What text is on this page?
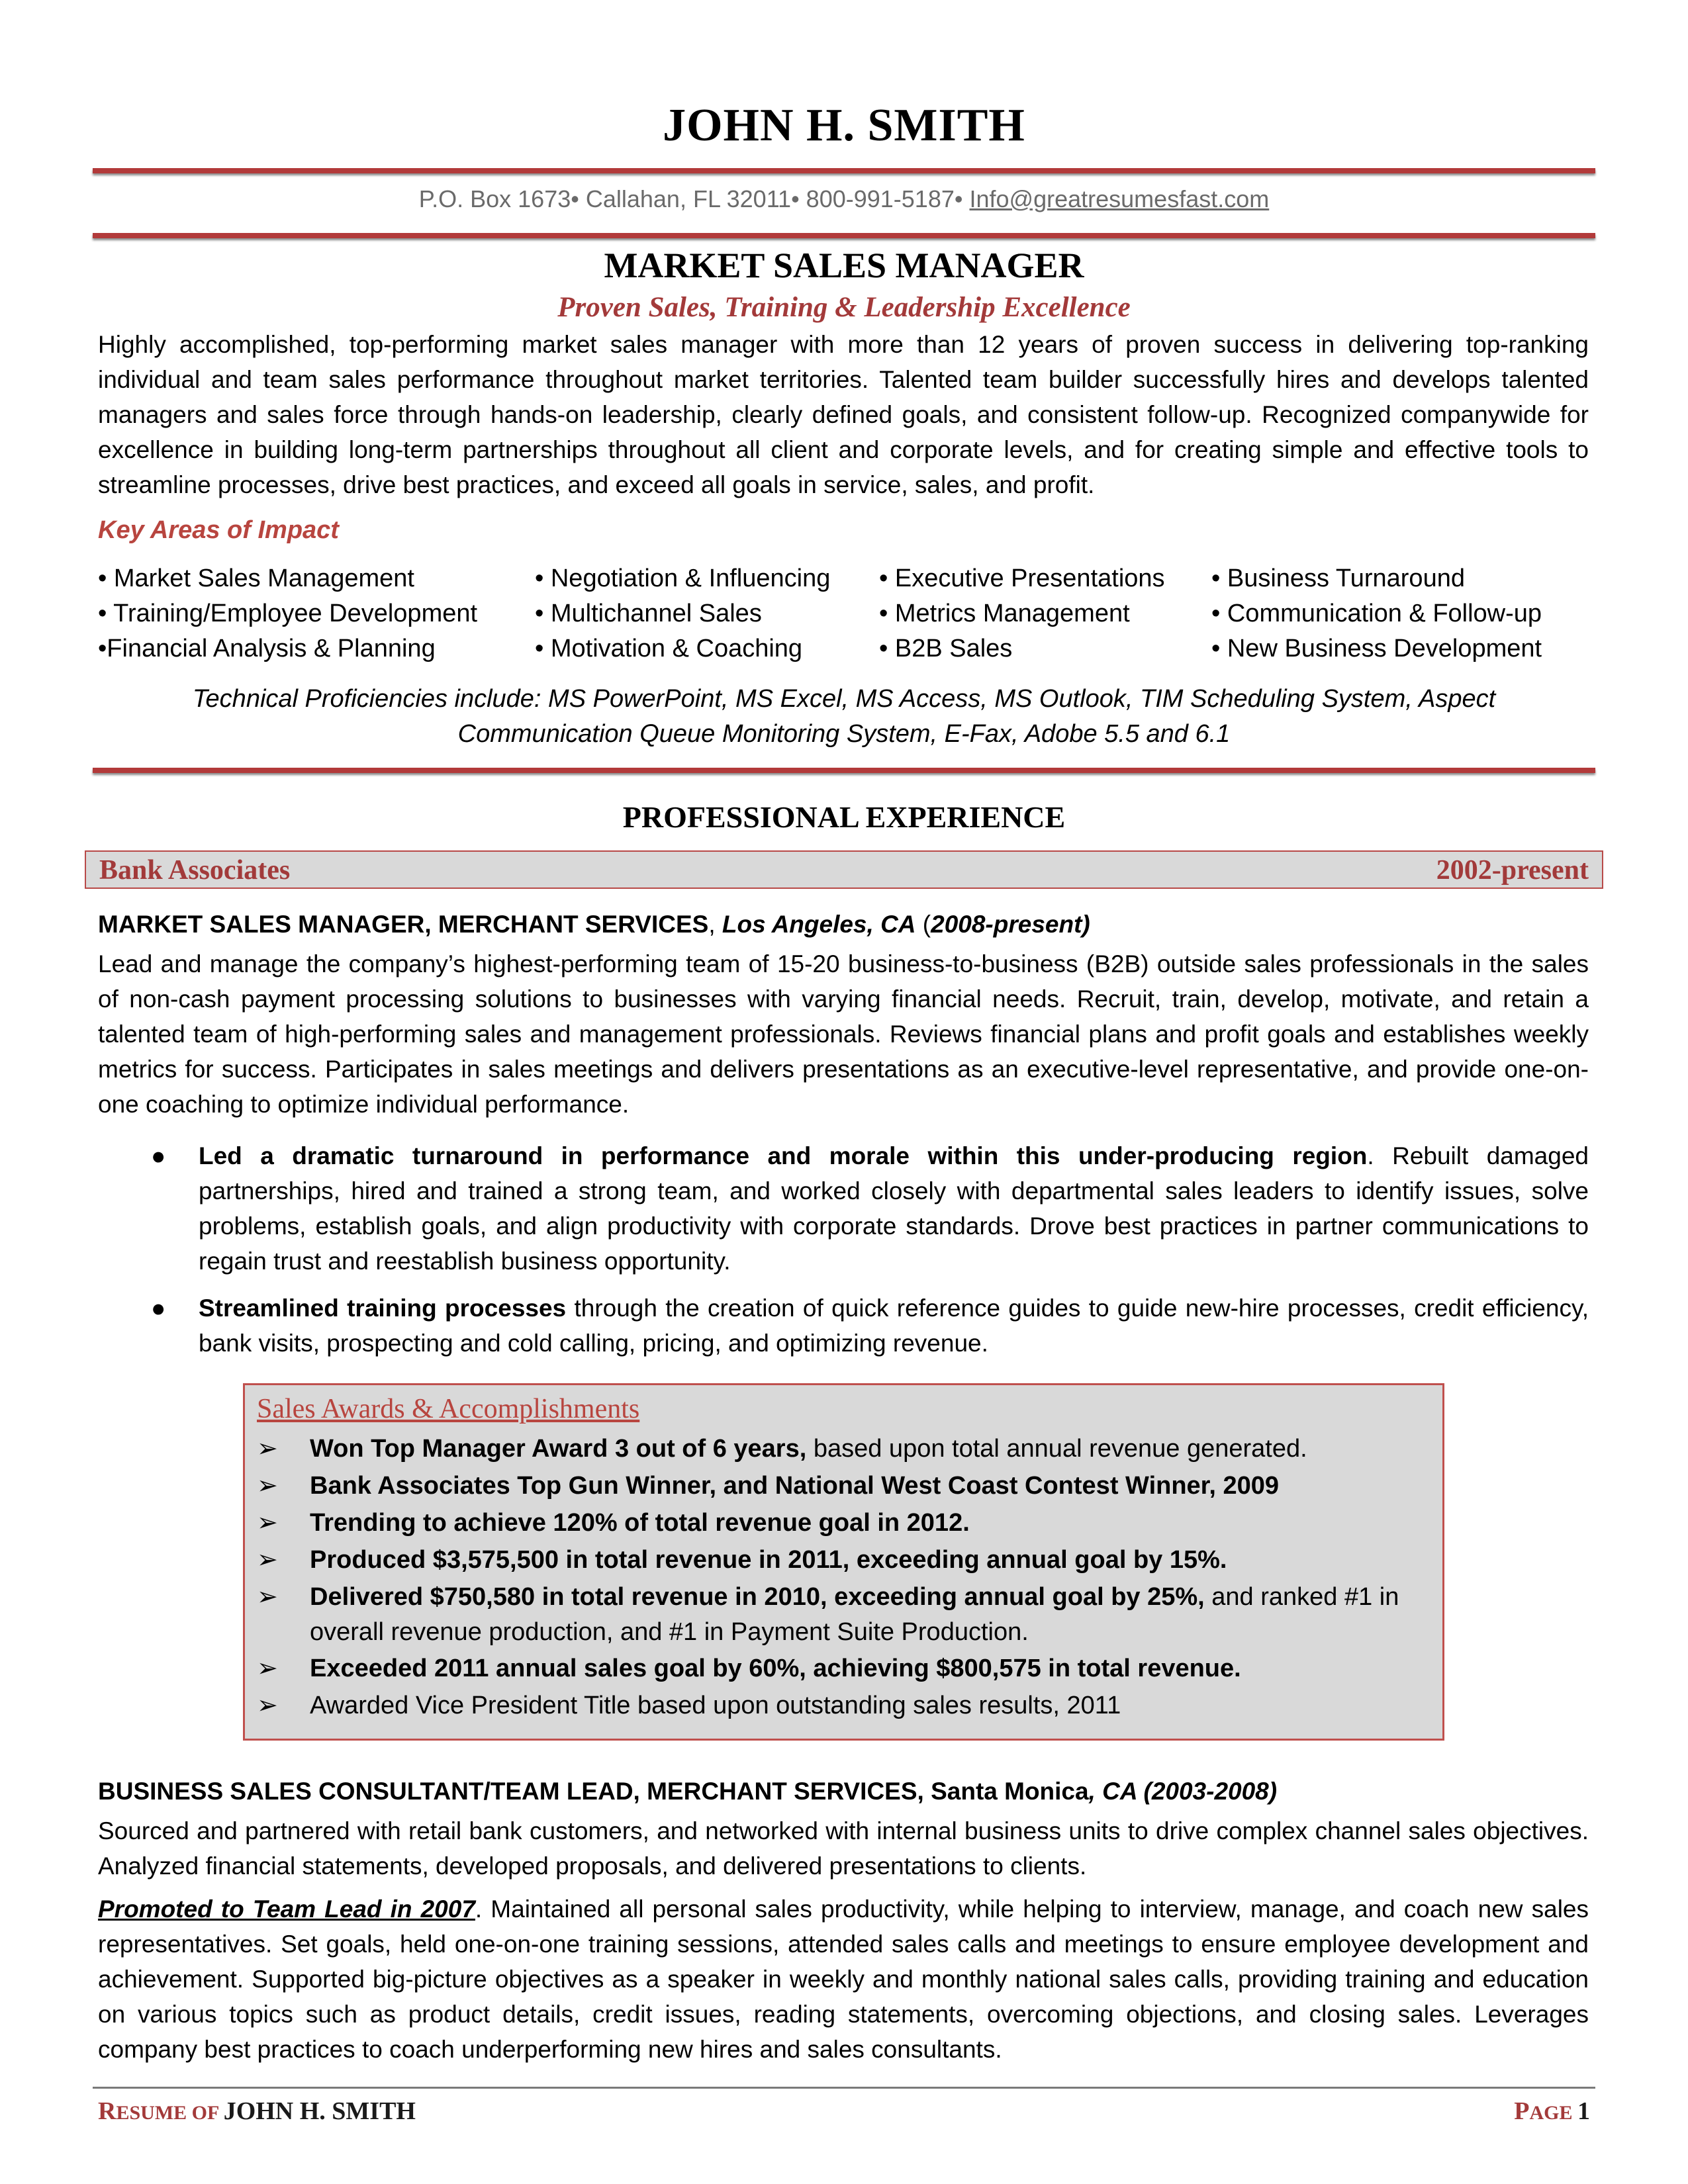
JOHN H. SMITH
P.O. Box 1673• Callahan, FL 32011• 800-991-5187• Info@greatresumesfast.com
MARKET SALES MANAGER
Proven Sales, Training & Leadership Excellence
Highly accomplished, top-performing market sales manager with more than 12 years of proven success in delivering top-ranking individual and team sales performance throughout market territories. Talented team builder successfully hires and develops talented managers and sales force through hands-on leadership, clearly defined goals, and consistent follow-up. Recognized companywide for excellence in building long-term partnerships throughout all client and corporate levels, and for creating simple and effective tools to streamline processes, drive best practices, and exceed all goals in service, sales, and profit.
Key Areas of Impact
• Market Sales Management
• Training/Employee Development
•Financial Analysis & Planning
• Negotiation & Influencing
• Multichannel Sales
• Motivation & Coaching
• Executive Presentations
• Metrics Management
• B2B Sales
• Business Turnaround
• Communication & Follow-up
• New Business Development
Technical Proficiencies include: MS PowerPoint, MS Excel, MS Access, MS Outlook, TIM Scheduling System, Aspect
Communication Queue Monitoring System, E-Fax, Adobe 5.5 and 6.1
PROFESSIONAL EXPERIENCE
Bank Associates	2002-present
MARKET SALES MANAGER, MERCHANT SERVICES, Los Angeles, CA (2008-present)
Lead and manage the company’s highest-performing team of 15-20 business-to-business (B2B) outside sales professionals in the sales of non-cash payment processing solutions to businesses with varying financial needs. Recruit, train, develop, motivate, and retain a talented team of high-performing sales and management professionals. Reviews financial plans and profit goals and establishes weekly metrics for success. Participates in sales meetings and delivers presentations as an executive-level representative, and provide one-on-one coaching to optimize individual performance.
● Led a dramatic turnaround in performance and morale within this under-producing region. Rebuilt damaged partnerships, hired and trained a strong team, and worked closely with departmental sales leaders to identify issues, solve problems, establish goals, and align productivity with corporate standards. Drove best practices in partner communications to regain trust and reestablish business opportunity.
● Streamlined training processes through the creation of quick reference guides to guide new-hire processes, credit efficiency, bank visits, prospecting and cold calling, pricing, and optimizing revenue.
Sales Awards & Accomplishments
➢ Won Top Manager Award 3 out of 6 years, based upon total annual revenue generated.
➢ Bank Associates Top Gun Winner, and National West Coast Contest Winner, 2009
➢ Trending to achieve 120% of total revenue goal in 2012.
➢ Produced $3,575,500 in total revenue in 2011, exceeding annual goal by 15%.
➢ Delivered $750,580 in total revenue in 2010, exceeding annual goal by 25%, and ranked #1 in overall revenue production, and #1 in Payment Suite Production.
➢ Exceeded 2011 annual sales goal by 60%, achieving $800,575 in total revenue.
➢ Awarded Vice President Title based upon outstanding sales results, 2011
BUSINESS SALES CONSULTANT/TEAM LEAD, MERCHANT SERVICES, Santa Monica, CA (2003-2008)
Sourced and partnered with retail bank customers, and networked with internal business units to drive complex channel sales objectives. Analyzed financial statements, developed proposals, and delivered presentations to clients.
Promoted to Team Lead in 2007. Maintained all personal sales productivity, while helping to interview, manage, and coach new sales representatives. Set goals, held one-on-one training sessions, attended sales calls and meetings to ensure employee development and achievement. Supported big-picture objectives as a speaker in weekly and monthly national sales calls, providing training and education on various topics such as product details, credit issues, reading statements, overcoming objections, and closing sales. Leverages company best practices to coach underperforming new hires and sales consultants.
RESUME OF JOHN H. SMITH	PAGE 1
